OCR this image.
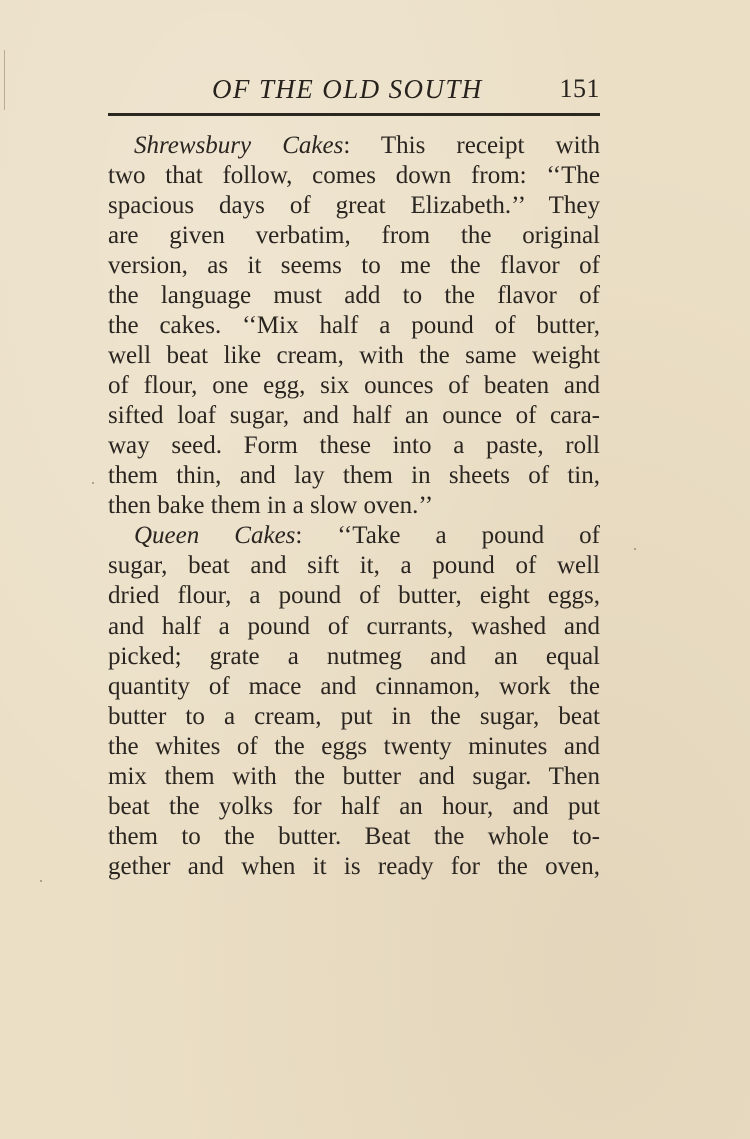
OF THE OLD SOUTH	151
Shrewsbury Cakes: This receipt with
two that follow, comes down from: ‘‘The
spacious days of great Elizabeth.’’ They
are given verbatim, from the original
version, as it seems to me the flavor of
the language must add to the flavor of
the cakes. ‘‘Mix half a pound of butter,
well beat like cream, with the same weight
of flour, one egg, six ounces of beaten and
sifted loaf sugar, and half an ounce of cara-
way seed. Form these into a paste, roll
them thin, and lay them in sheets of tin,
then bake them in a slow oven.’’
Queen Cakes: ‘‘Take a pound of
sugar, beat and sift it, a pound of well
dried flour, a pound of butter, eight eggs,
and half a pound of currants, washed and
picked; grate a nutmeg and an equal
quantity of mace and cinnamon, work the
butter to a cream, put in the sugar, beat
the whites of the eggs twenty minutes and
mix them with the butter and sugar. Then
beat the yolks for half an hour, and put
them to the butter. Beat the whole to-
gether and when it is ready for the oven,
